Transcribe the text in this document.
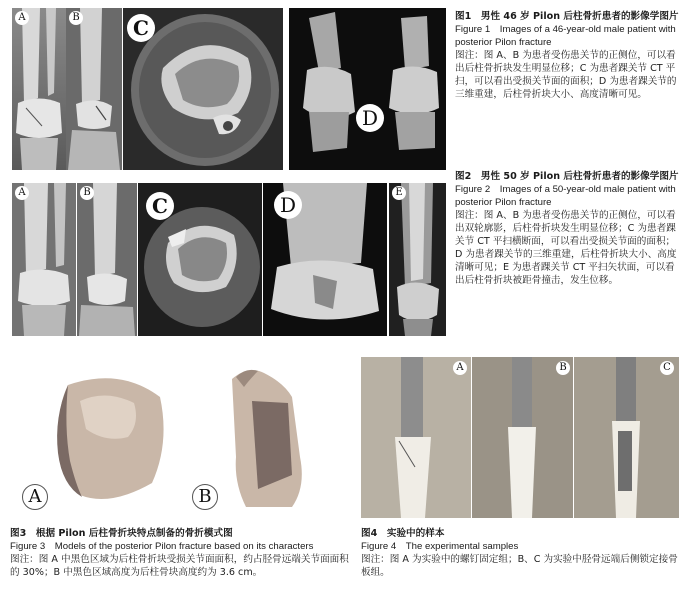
A	B	C
D
图1　男性 46 岁 Pilon 后柱骨折患者的影像学图片
Figure 1　Images of a 46-year-old male patient with posterior Pilon fracture
图注：图 A、B 为患者受伤患关节的正侧位，可以看出后柱骨折块发生明显位移；C 为患者踝关节 CT 平扫，可以看出受损关节面的面积；D 为患者踝关节的三维重建，后柱骨折块大小、高度清晰可见。
A	B
C	D
E
图2　男性 50 岁 Pilon 后柱骨折患者的影像学图片
Figure 2　Images of a 50-year-old male patient with posterior Pilon fracture
图注：图 A、B 为患者受伤患关节的正侧位，可以看出双轮廓影，后柱骨折块发生明显位移；C 为患者踝关节 CT 平扫横断面，可以看出受损关节面的面积；D 为患者踝关节的三维重建，后柱骨折块大小、高度清晰可见；E 为患者踝关节 CT 平扫矢状面，可以看出后柱骨折块被距骨撞击，发生位移。
A	B
图3　根据 Pilon 后柱骨折块特点制备的骨折模式图
Figure 3　Models of the posterior Pilon fracture based on its characters
图注：图 A 中黑色区域为后柱骨折块受损关节面面积，约占胫骨远端关节面面积的 30%；B 中黑色区域高度为后柱骨块高度约为 3.6 cm。
A	B	C
图4　实验中的样本
Figure 4　The experimental samples
图注：图 A 为实验中的螺钉固定组；B、C 为实验中胫骨远端后侧锁定接骨板组。
